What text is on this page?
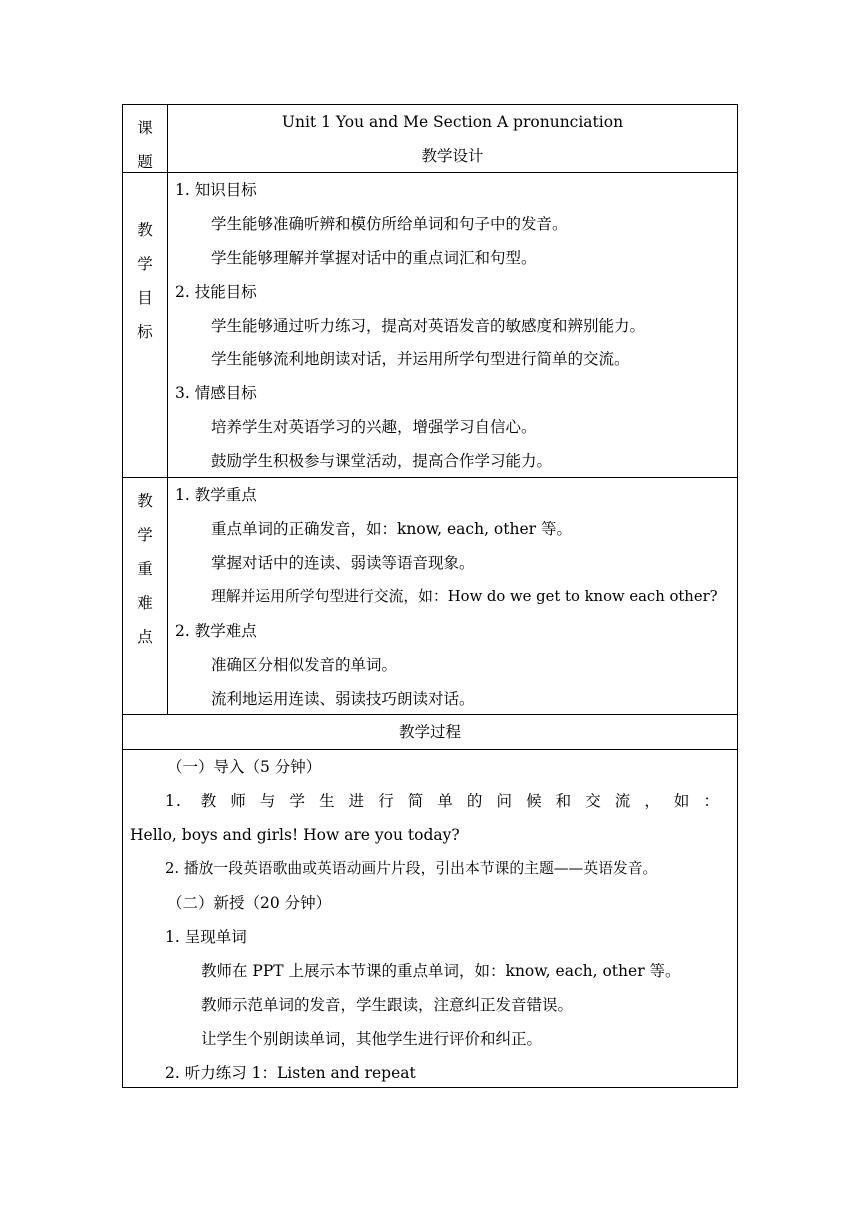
课
题
Unit 1 You and Me Section A pronunciation
教学设计
教
学
目
标
1. 知识目标
学生能够准确听辨和模仿所给单词和句子中的发音。
学生能够理解并掌握对话中的重点词汇和句型。
2. 技能目标
学生能够通过听力练习，提高对英语发音的敏感度和辨别能力。
学生能够流利地朗读对话，并运用所学句型进行简单的交流。
3. 情感目标
培养学生对英语学习的兴趣，增强学习自信心。
鼓励学生积极参与课堂活动，提高合作学习能力。
教
学
重
难
点
1. 教学重点
重点单词的正确发音，如：know, each, other 等。
掌握对话中的连读、弱读等语音现象。
理解并运用所学句型进行交流，如：How do we get to know each other?
2. 教学难点
准确区分相似发音的单词。
流利地运用连读、弱读技巧朗读对话。
教学过程
（一）导入（5 分钟）
1. 教师与学生进行简单的问候和交流，如：
Hello, boys and girls! How are you today?
2. 播放一段英语歌曲或英语动画片片段，引出本节课的主题——英语发音。
（二）新授（20 分钟）
1. 呈现单词
教师在 PPT 上展示本节课的重点单词，如：know, each, other 等。
教师示范单词的发音，学生跟读，注意纠正发音错误。
让学生个别朗读单词，其他学生进行评价和纠正。
2. 听力练习 1：Listen and repeat
